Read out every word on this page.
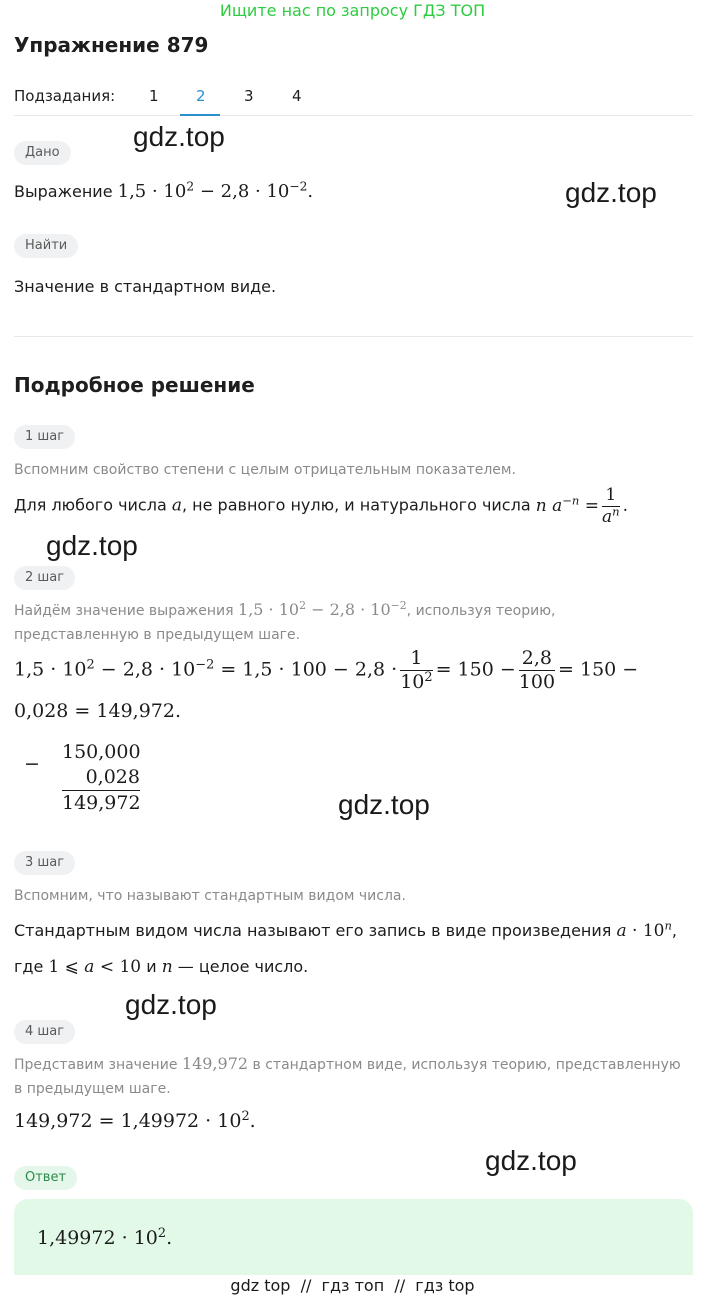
Ищите нас по запросу ГДЗ ТОП
Упражнение 879
Подзадания: 1 2	3	4
gdz.top
gdz.top
gdz.top
gdz.top
gdz.top
gdz.top
Дано
Выражение $1,5 \cdot 10^2 - 2,8 \cdot 10^{-2}$.
Найти
Значение в стандартном виде.
Подробное решение
1 шаг
Вспомним свойство степени с целым отрицательным показателем.
Для любого числа a, не равного нулю, и натурального числа n $a^{-n} = \frac{1}{a^n}$ .
2 шаг
Найдём значение выражения $1,5 \cdot 10^2 - 2,8 \cdot 10^{-2}$, используя теорию,
представленную в предыдущем шаге.
$1,5 \cdot 10^2 - 2,8 \cdot 10^{-2} = 1,5 \cdot 100 - 2,8 \cdot \frac{1}{10^2} = 150 - \frac{2,8}{100} = 150$ −
0,028 = 149,972.
−
150,000
0,028
149,972
3 шаг
Вспомним, что называют стандартным видом числа.
Стандартным видом числа называют его запись в виде произведения $a \cdot 10^n$,
где 1 ⩽ a < 10 и n — целое число.
4 шаг
Представим значение 149,972 в стандартном виде, используя теорию, представленную
в предыдущем шаге.
$149,972 = 1,49972 \cdot 10^2$.
Ответ
$1,49972 \cdot 10^2$.
gdz top  //  гдз топ  //  гдз top
